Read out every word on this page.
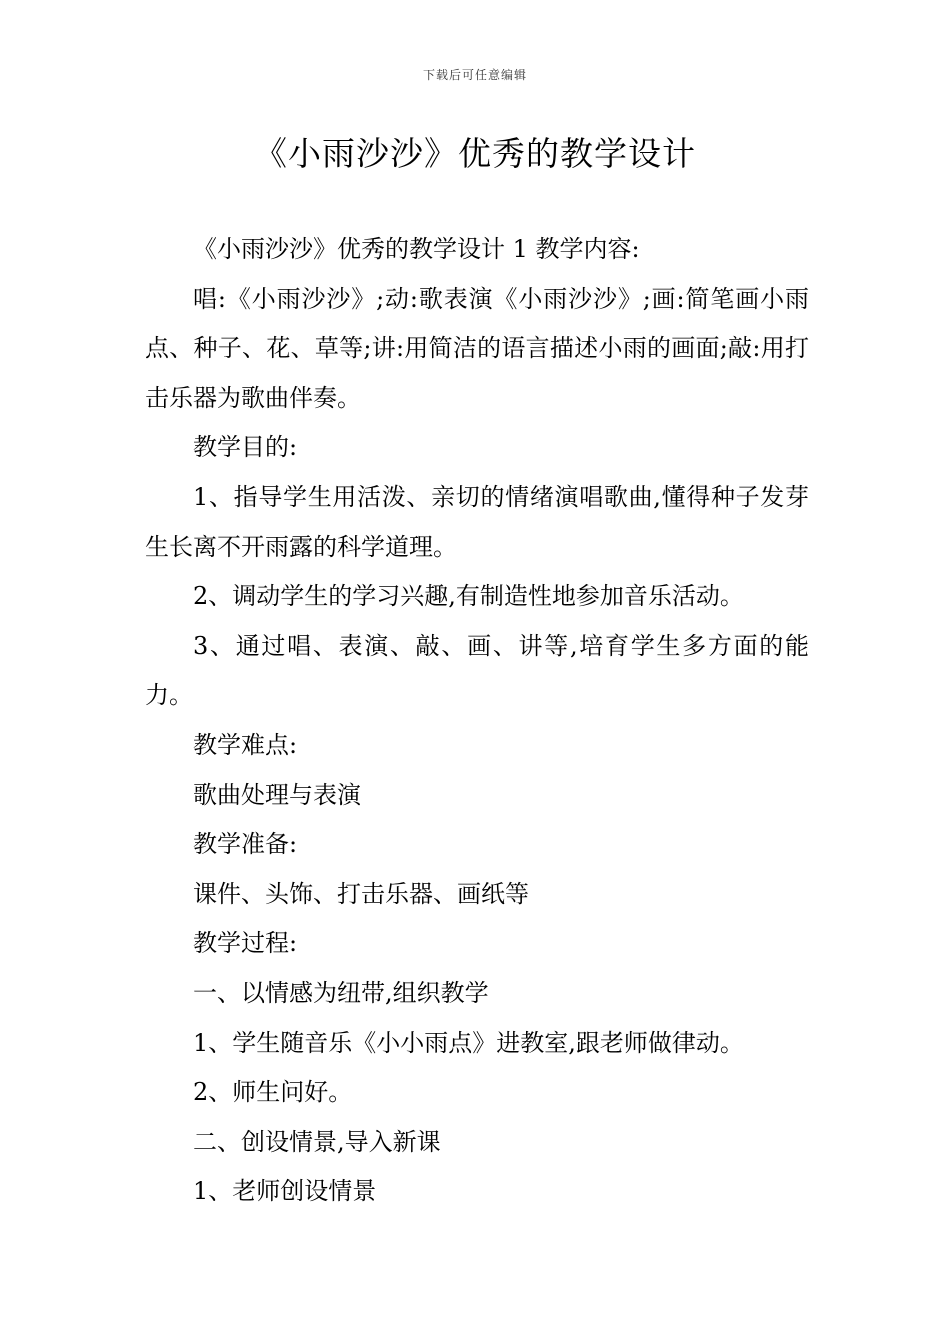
下载后可任意编辑
《小雨沙沙》优秀的教学设计

《小雨沙沙》优秀的教学设计 1 教学内容:

唱:《小雨沙沙》;动:歌表演《小雨沙沙》;画:简笔画小雨点、种子、花、草等;讲:用简洁的语言描述小雨的画面;敲:用打击乐器为歌曲伴奏。

教学目的:

1、指导学生用活泼、亲切的情绪演唱歌曲,懂得种子发芽生长离不开雨露的科学道理。

2、调动学生的学习兴趣,有制造性地参加音乐活动。

3、通过唱、表演、敲、画、讲等,培育学生多方面的能力。

教学难点:

歌曲处理与表演

教学准备:

课件、头饰、打击乐器、画纸等

教学过程:

一、以情感为纽带,组织教学

1、学生随音乐《小小雨点》进教室,跟老师做律动。

2、师生问好。

二、创设情景,导入新课

1、老师创设情景
